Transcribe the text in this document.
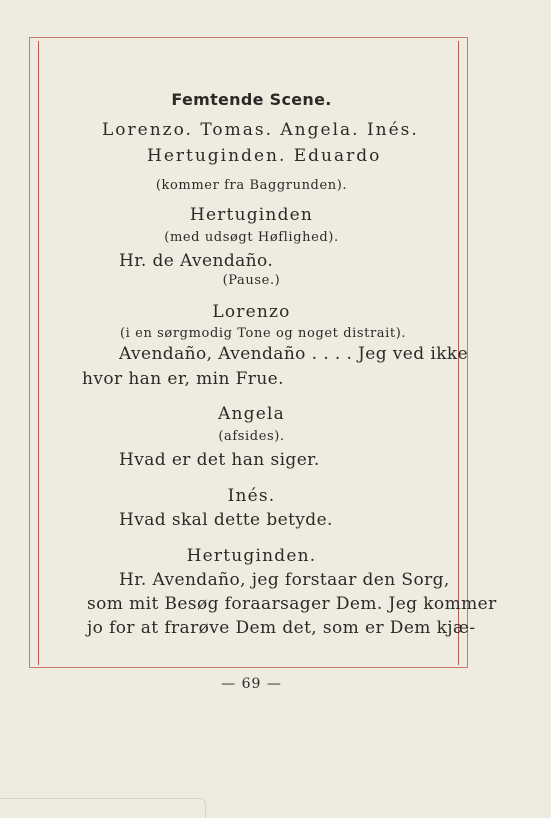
Femtende Scene.
Lorenzo. Tomas. Angela. Inés.
Hertuginden. Eduardo
(kommer fra Baggrunden).
Hertuginden
(med udsøgt Høflighed).
Hr. de Avendaño.
(Pause.)
Lorenzo
(i en sørgmodig Tone og noget distrait).
Avendaño, Avendaño . . . . Jeg ved ikke
hvor han er, min Frue.
Angela
(afsides).
Hvad er det han siger.
Inés.
Hvad skal dette betyde.
Hertuginden.
Hr. Avendaño, jeg forstaar den Sorg,
som mit Besøg foraarsager Dem. Jeg kommer
jo for at frarøve Dem det, som er Dem kjæ-
— 69 —
